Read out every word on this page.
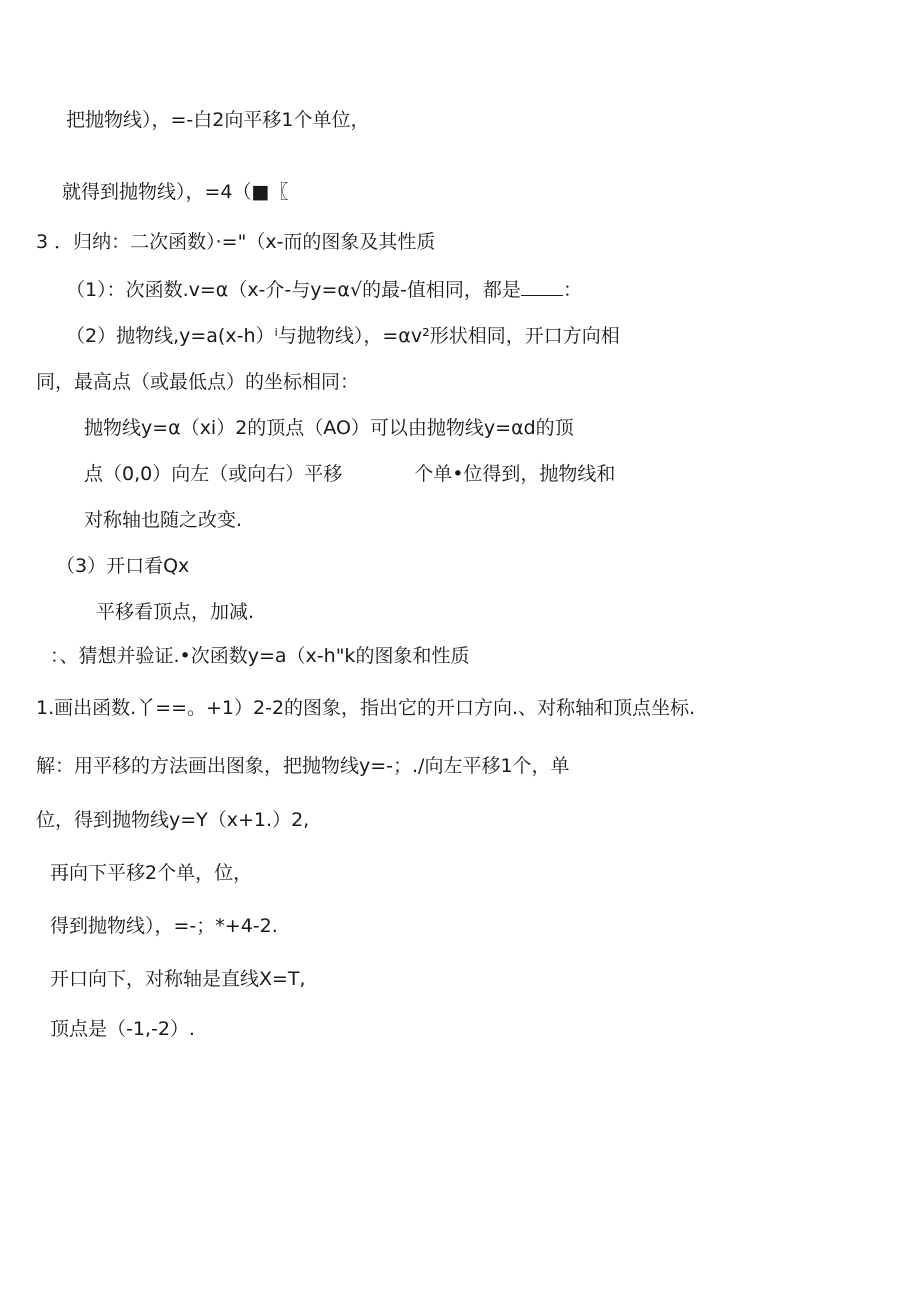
把抛物线），=-白2向平移1个单位，
就得到抛物线），=4（■〖
3 ．归纳：二次函数）·="（x-而的图象及其性质
（1）：次函数.v=α（x-介-与y=α√的最-值相同，都是 ：
（2）抛物线,y=a(x-h）ⁱ与抛物线），=αv²形状相同，开口方向相
同，最高点（或最低点）的坐标相同：
抛物线y=α（xi）2的顶点（AO）可以由抛物线y=αd的顶
点（0,0）向左（或向右）平移	个单•位得到，抛物线和
对称轴也随之改变.
（3）开口看Qx
平移看顶点，加减.
：、猜想并验证.•次函数y=a（x-h"k的图象和性质
1.画出函数.丫==。+1）2-2的图象，指出它的开口方向.、对称轴和顶点坐标.
解：用平移的方法画出图象，把抛物线y=-；./向左平移1个，单
位，得到抛物线y=Y（x+1.）2,
再向下平移2个单，位，
得到抛物线），=-；*+4-2.
开口向下，对称轴是直线X=T,
顶点是（-1,-2）.
